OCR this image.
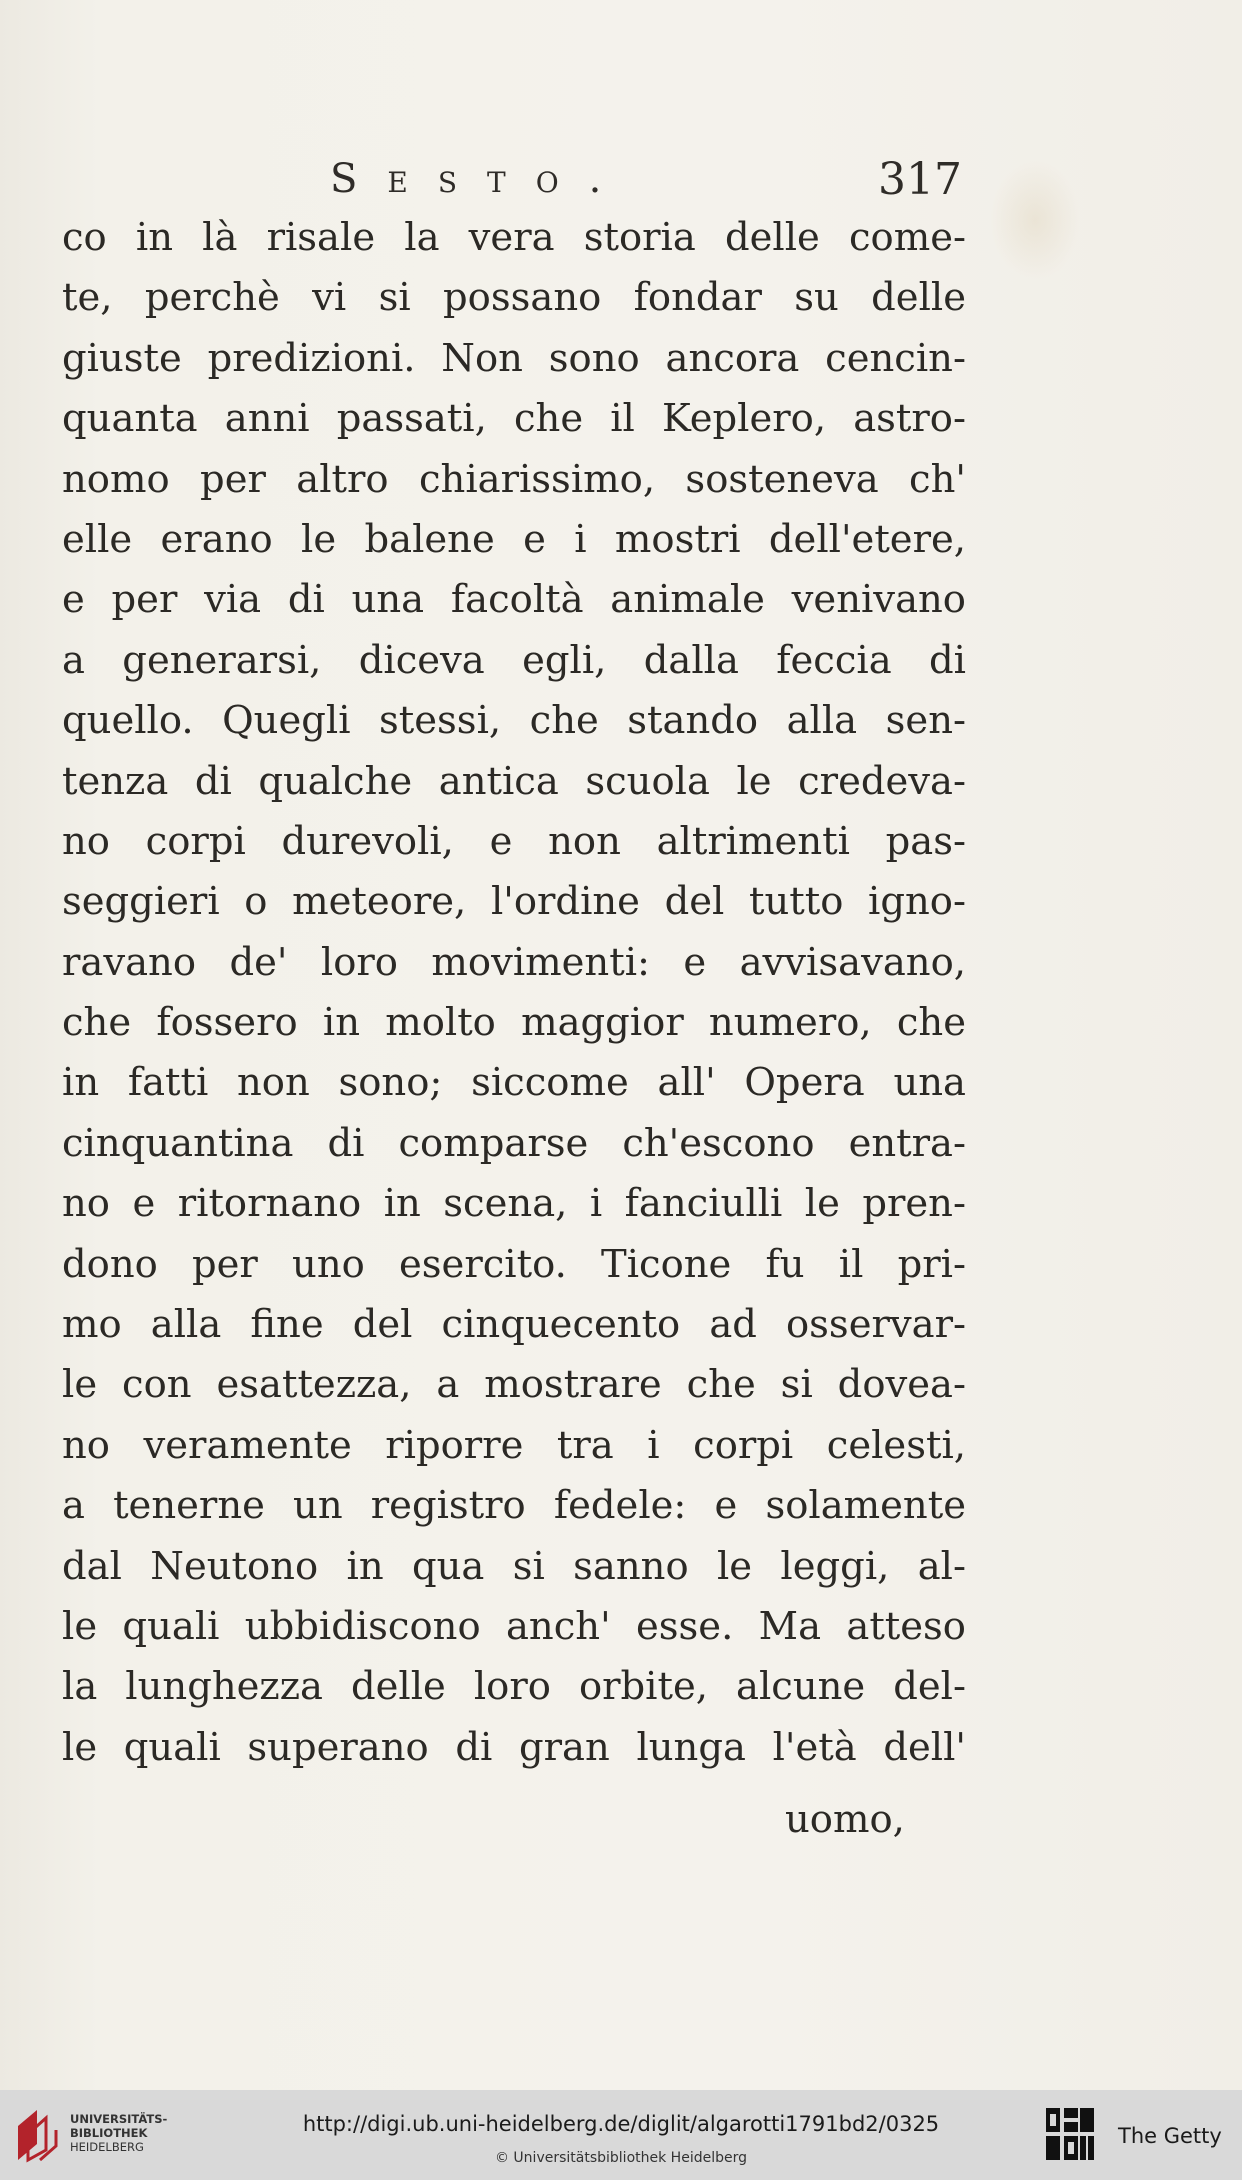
Sesto.	317
co in là risale la vera storia delle come-
te, perchè vi si possano fondar su delle
giuste predizioni. Non sono ancora cencin-
quanta anni passati, che il Keplero, astro-
nomo per altro chiarissimo, sosteneva ch'
elle erano le balene e i mostri dell'etere,
e per via di una facoltà animale venivano
a generarsi, diceva egli, dalla feccia di
quello. Quegli stessi, che stando alla sen-
tenza di qualche antica scuola le credeva-
no corpi durevoli, e non altrimenti pas-
seggieri o meteore, l'ordine del tutto igno-
ravano de' loro movimenti: e avvisavano,
che fossero in molto maggior numero, che
in fatti non sono; siccome all' Opera una
cinquantina di comparse ch'escono entra-
no e ritornano in scena, i fanciulli le pren-
dono per uno esercito. Ticone fu il pri-
mo alla fine del cinquecento ad osservar-
le con esattezza, a mostrare che si dovea-
no veramente riporre tra i corpi celesti,
a tenerne un registro fedele: e solamente
dal Neutono in qua si sanno le leggi, al-
le quali ubbidiscono anch' esse. Ma atteso
la lunghezza delle loro orbite, alcune del-
le quali superano di gran lunga l'età dell'
uomo,
UNIVERSITÄTS-
BIBLIOTHEK
HEIDELBERG
http://digi.ub.uni-heidelberg.de/diglit/algarotti1791bd2/0325
© Universitätsbibliothek Heidelberg
The Getty
